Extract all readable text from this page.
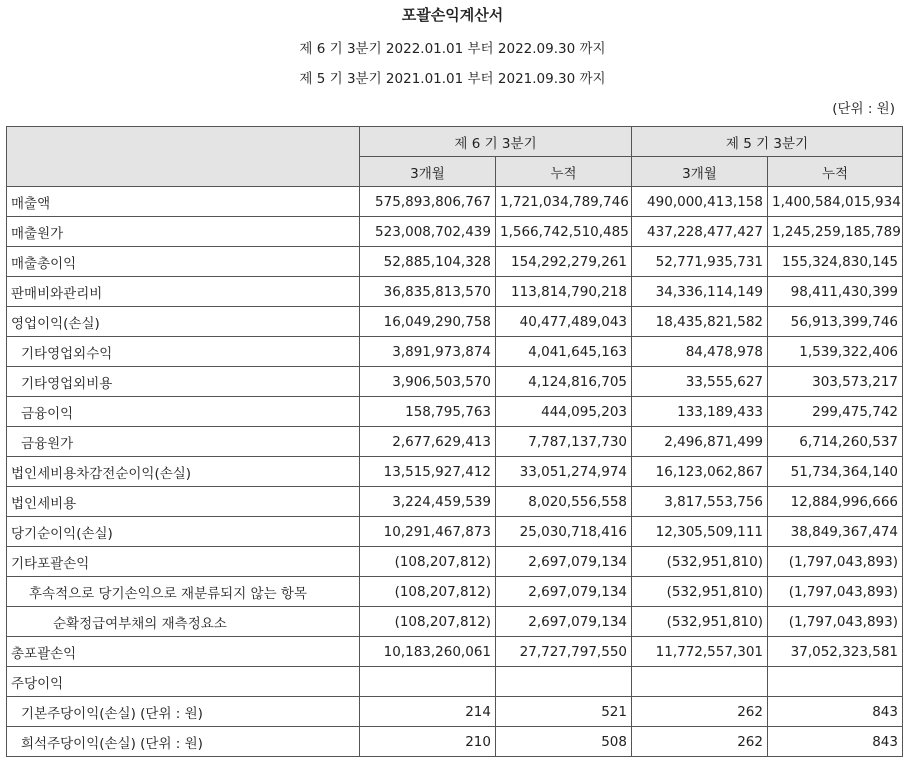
포괄손익계산서
제 6 기 3분기 2022.01.01 부터 2022.09.30 까지
제 5 기 3분기 2021.01.01 부터 2021.09.30 까지
(단위 : 원)
	제 6 기 3분기		제 5 기 3분기	
	3개월	누적	3개월	누적
매출액	575,893,806,767	1,721,034,789,746	490,000,413,158	1,400,584,015,934
매출원가	523,008,702,439	1,566,742,510,485	437,228,477,427	1,245,259,185,789
매출총이익	52,885,104,328	154,292,279,261	52,771,935,731	155,324,830,145
판매비와관리비	36,835,813,570	113,814,790,218	34,336,114,149	98,411,430,399
영업이익(손실)	16,049,290,758	40,477,489,043	18,435,821,582	56,913,399,746
기타영업외수익	3,891,973,874	4,041,645,163	84,478,978	1,539,322,406
기타영업외비용	3,906,503,570	4,124,816,705	33,555,627	303,573,217
금융이익	158,795,763	444,095,203	133,189,433	299,475,742
금융원가	2,677,629,413	7,787,137,730	2,496,871,499	6,714,260,537
법인세비용차감전순이익(손실)	13,515,927,412	33,051,274,974	16,123,062,867	51,734,364,140
법인세비용	3,224,459,539	8,020,556,558	3,817,553,756	12,884,996,666
당기순이익(손실)	10,291,467,873	25,030,718,416	12,305,509,111	38,849,367,474
기타포괄손익	(108,207,812)	2,697,079,134	(532,951,810)	(1,797,043,893)
후속적으로 당기손익으로 재분류되지 않는 항목	(108,207,812)	2,697,079,134	(532,951,810)	(1,797,043,893)
순확정급여부채의 재측정요소	(108,207,812)	2,697,079,134	(532,951,810)	(1,797,043,893)
총포괄손익	10,183,260,061	27,727,797,550	11,772,557,301	37,052,323,581
주당이익				
기본주당이익(손실) (단위 : 원)	214	521	262	843
희석주당이익(손실) (단위 : 원)	210	508	262	843
